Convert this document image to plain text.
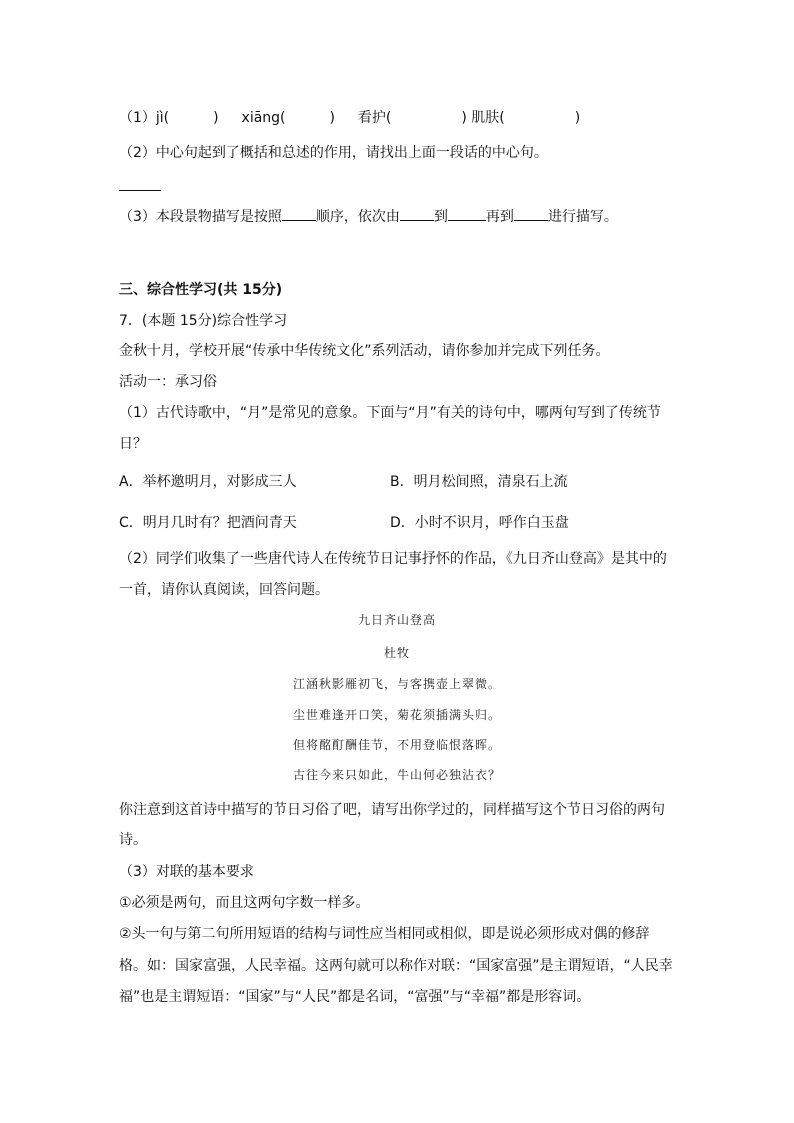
（1）jì(	) xiāng(	) 看护(	) 肌肤(	)
（2）中心句起到了概括和总述的作用，请找出上面一段话的中心句。
（3）本段景物描写是按照 顺序，依次由 到	再到 进行描写。
三、综合性学习(共 15分)
7．(本题 15分)综合性学习
金秋十月，学校开展“传承中华传统文化”系列活动，请你参加并完成下列任务。
活动一：承习俗
（1）古代诗歌中，“月”是常见的意象。下面与“月”有关的诗句中，哪两句写到了传统节
日？
A．举杯邀明月，对影成三人	B．明月松间照，清泉石上流
C．明月几时有？把酒问青天	D．小时不识月，呼作白玉盘
（2）同学们收集了一些唐代诗人在传统节日记事抒怀的作品，《九日齐山登高》是其中的
一首，请你认真阅读，回答问题。
九日齐山登高
杜牧
江涵秋影雁初飞，与客携壶上翠微。
尘世难逢开口笑，菊花须插满头归。
但将酩酊酬佳节，不用登临恨落晖。
古往今来只如此，牛山何必独沾衣？
你注意到这首诗中描写的节日习俗了吧，请写出你学过的，同样描写这个节日习俗的两句
诗。
（3）对联的基本要求
①必须是两句，而且这两句字数一样多。
②头一句与第二句所用短语的结构与词性应当相同或相似，即是说必须形成对偶的修辞
格。如：国家富强，人民幸福。这两句就可以称作对联：“国家富强”是主谓短语，“人民幸
福”也是主谓短语：“国家”与“人民”都是名词，“富强”与“幸福”都是形容词。
